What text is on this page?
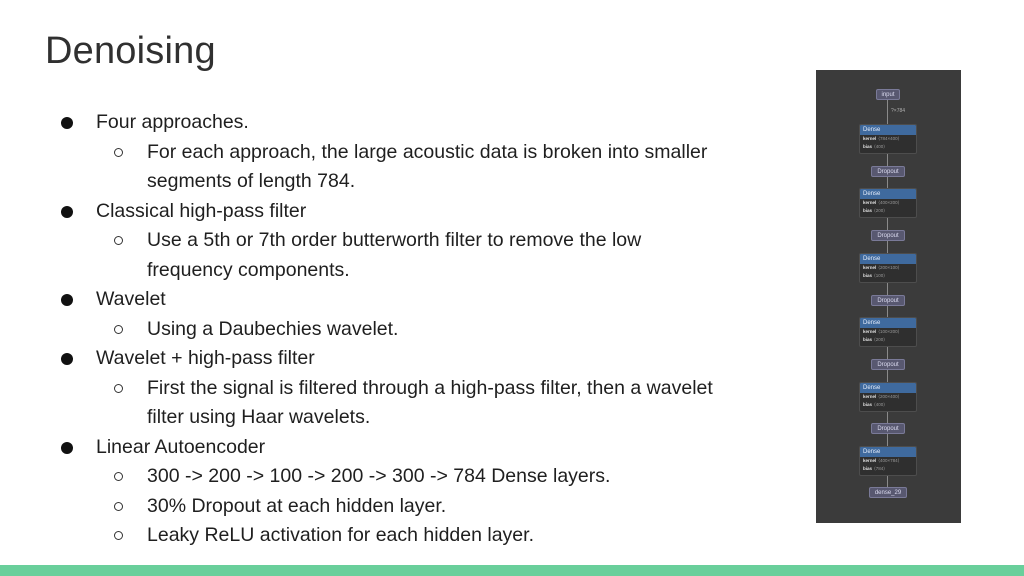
Denoising
Four approaches.
For each approach, the large acoustic data is broken into smaller
segments of length 784.
Classical high-pass filter
Use a 5th or 7th order butterworth filter to remove the low
frequency components.
Wavelet
Using a Daubechies wavelet.
Wavelet + high-pass filter
First the signal is filtered through a high-pass filter, then a wavelet
filter using Haar wavelets.
Linear Autoencoder
300 -> 200 -> 100 -> 200 -> 300 -> 784 Dense layers.
30% Dropout at each hidden layer.
Leaky ReLU activation for each hidden layer.
input
?×784
Dense
kernel ⟨784×400⟩
bias ⟨400⟩
Dropout
Dense
kernel ⟨400×200⟩
bias ⟨200⟩
Dropout
Dense
kernel ⟨200×100⟩
bias ⟨100⟩
Dropout
Dense
kernel ⟨100×200⟩
bias ⟨200⟩
Dropout
Dense
kernel ⟨200×400⟩
bias ⟨400⟩
Dropout
Dense
kernel ⟨400×784⟩
bias ⟨784⟩
dense_29
